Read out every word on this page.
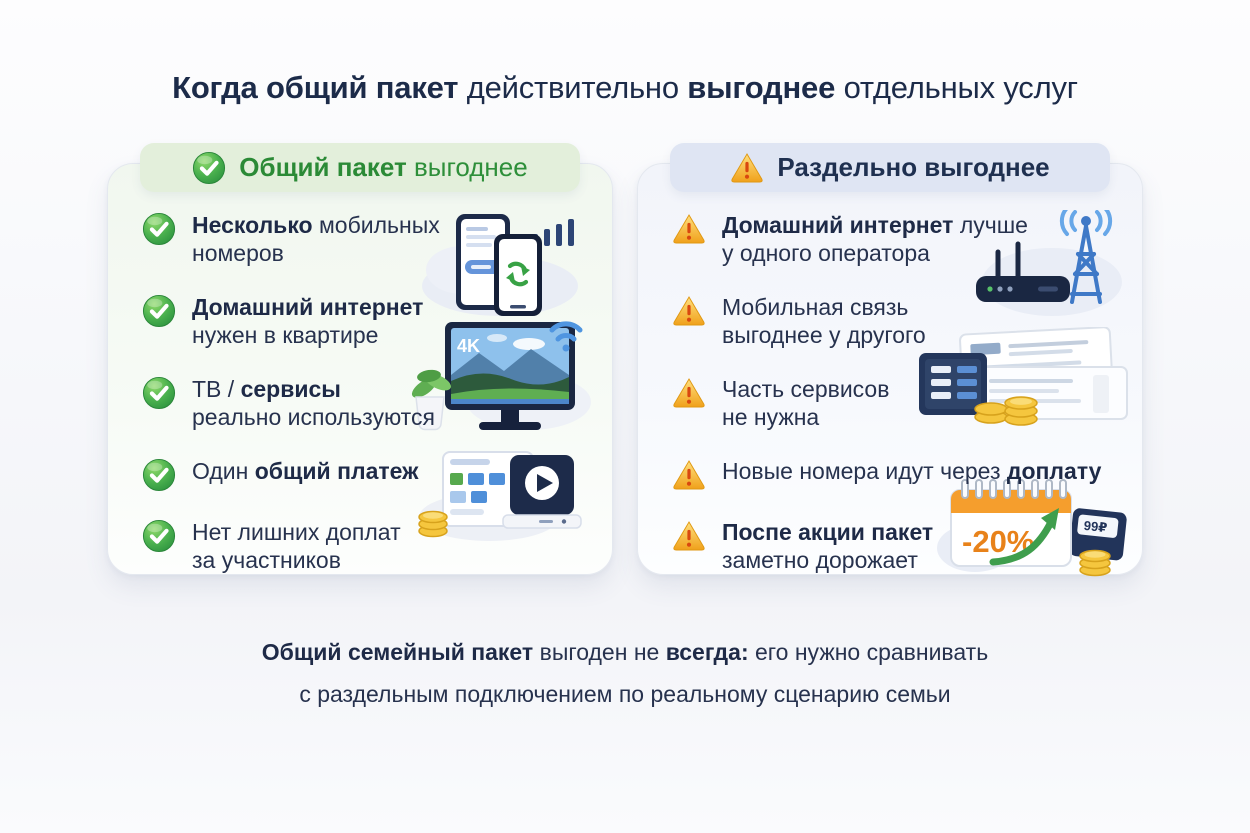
Когда общий пакет действительно выгоднее отдельных услуг
Общий пакет выгоднее
Несколько мобильных
номеров
Домашний интернет
нужен в квартире
ТВ / сервисы
реально используются
Один общий платеж
Нет лишних доплат
за участников
4K
Раздельно выгоднее
Домашний интернет лучше
у одного оператора
Мобильная связь
выгоднее у другого
Часть сервисов
не нужна
Новые номера идут через доплату
Поспе акции пакет
заметно дорожает
99₽
-20%
Общий семейный пакет выгоден не всегда: его нужно сравнивать
с раздельным подключением по реальному сценарию семьи
